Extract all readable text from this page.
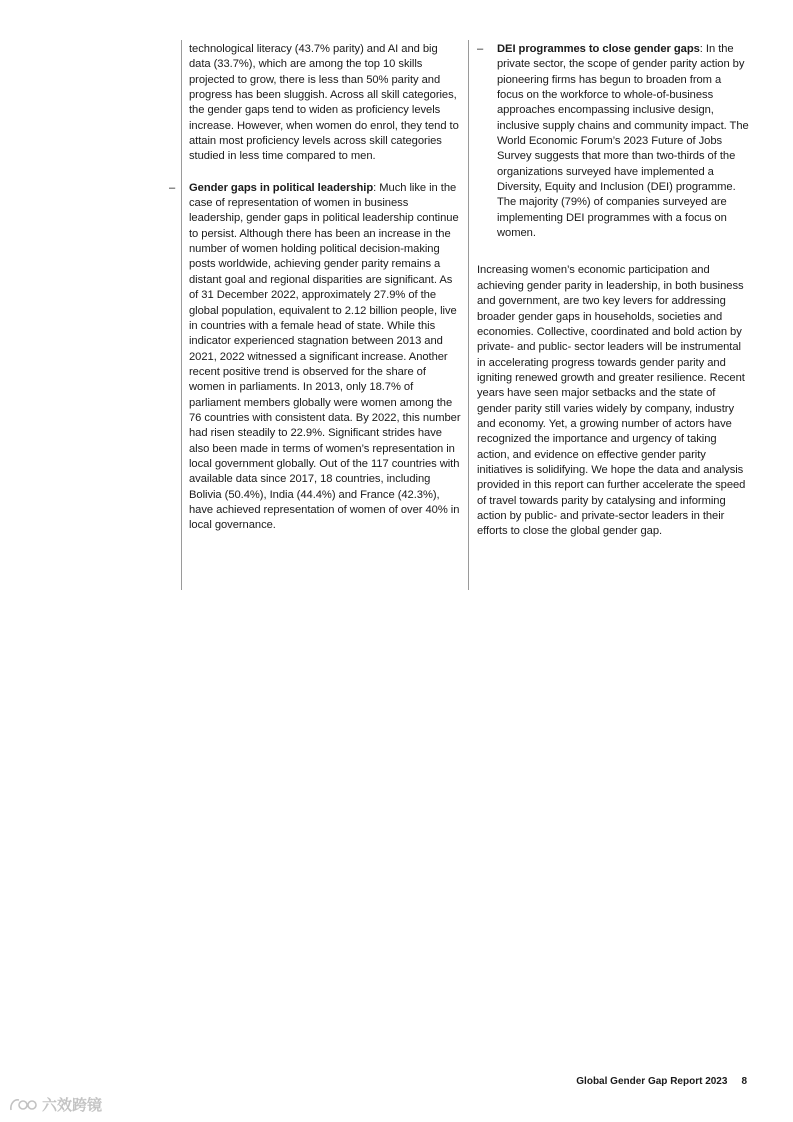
technological literacy (43.7% parity) and AI and big data (33.7%), which are among the top 10 skills projected to grow, there is less than 50% parity and progress has been sluggish. Across all skill categories, the gender gaps tend to widen as proficiency levels increase. However, when women do enrol, they tend to attain most proficiency levels across skill categories studied in less time compared to men.

– Gender gaps in political leadership: Much like in the case of representation of women in business leadership, gender gaps in political leadership continue to persist. Although there has been an increase in the number of women holding political decision-making posts worldwide, achieving gender parity remains a distant goal and regional disparities are significant. As of 31 December 2022, approximately 27.9% of the global population, equivalent to 2.12 billion people, live in countries with a female head of state. While this indicator experienced stagnation between 2013 and 2021, 2022 witnessed a significant increase. Another recent positive trend is observed for the share of women in parliaments. In 2013, only 18.7% of parliament members globally were women among the 76 countries with consistent data. By 2022, this number had risen steadily to 22.9%. Significant strides have also been made in terms of women’s representation in local government globally. Out of the 117 countries with available data since 2017, 18 countries, including Bolivia (50.4%), India (44.4%) and France (42.3%), have achieved representation of women of over 40% in local governance.

– DEI programmes to close gender gaps: In the private sector, the scope of gender parity action by pioneering firms has begun to broaden from a focus on the workforce to whole-of-business approaches encompassing inclusive design, inclusive supply chains and community impact. The World Economic Forum’s 2023 Future of Jobs Survey suggests that more than two-thirds of the organizations surveyed have implemented a Diversity, Equity and Inclusion (DEI) programme. The majority (79%) of companies surveyed are implementing DEI programmes with a focus on women.

Increasing women’s economic participation and achieving gender parity in leadership, in both business and government, are two key levers for addressing broader gender gaps in households, societies and economies. Collective, coordinated and bold action by private- and public- sector leaders will be instrumental in accelerating progress towards gender parity and igniting renewed growth and greater resilience. Recent years have seen major setbacks and the state of gender parity still varies widely by company, industry and economy. Yet, a growing number of actors have recognized the importance and urgency of taking action, and evidence on effective gender parity initiatives is solidifying. We hope the data and analysis provided in this report can further accelerate the speed of travel towards parity by catalysing and informing action by public- and private-sector leaders in their efforts to close the global gender gap.

Global Gender Gap Report 2023 8
六效跨镜
